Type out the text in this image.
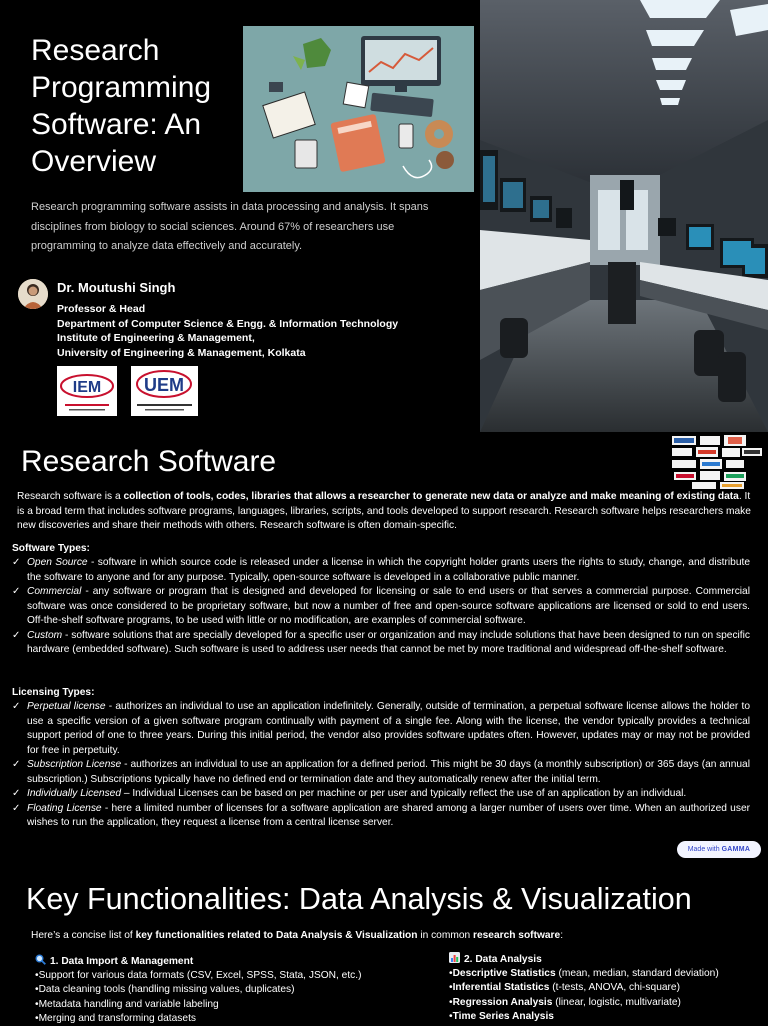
Research Programming Software: An Overview

Research programming software assists in data processing and analysis. It spans disciplines from biology to social sciences. Around 67% of researchers use programming to analyze data effectively and accurately.

Dr. Moutushi Singh
Professor & Head
Department of Computer Science & Engg. & Information Technology
Institute of Engineering & Management,
University of Engineering & Management, Kolkata
IEM UEM
Research Software

Research software is a collection of tools, codes, libraries that allows a researcher to generate new data or analyze and make meaning of existing data. It is a broad term that includes software programs, languages, libraries, scripts, and tools developed to support research. Research software helps researchers make new discoveries and share their methods with others. Research software is often domain-specific.

Software Types:

✓ Open Source - software in which source code is released under a license in which the copyright holder grants users the rights to study, change, and distribute the software to anyone and for any purpose. Typically, open-source software is developed in a collaborative public manner.
✓ Commercial - any software or program that is designed and developed for licensing or sale to end users or that serves a commercial purpose. Commercial software was once considered to be proprietary software, but now a number of free and open-source software applications are licensed or sold to end users. Off-the-shelf software programs, to be used with little or no modification, are examples of commercial software.
✓ Custom - software solutions that are specially developed for a specific user or organization and may include solutions that have been designed to run on specific hardware (embedded software). Such software is used to address user needs that cannot be met by more traditional and widespread off-the-shelf software.

Licensing Types:

✓ Perpetual license - authorizes an individual to use an application indefinitely. Generally, outside of termination, a perpetual software license allows the holder to use a specific version of a given software program continually with payment of a single fee. Along with the license, the vendor typically provides a technical support period of one to three years. During this initial period, the vendor also provides software updates often. However, updates may or may not be provided for free in perpetuity.
✓ Subscription License - authorizes an individual to use an application for a defined period. This might be 30 days (a monthly subscription) or 365 days (an annual subscription.) Subscriptions typically have no defined end or termination date and they automatically renew after the initial term.
✓ Individually Licensed – Individual Licenses can be based on per machine or per user and typically reflect the use of an application by an individual.
✓ Floating License - here a limited number of licenses for a software application are shared among a larger number of users over time. When an authorized user wishes to run the application, they request a license from a central license server.
Made with GAMMA
Key Functionalities: Data Analysis & Visualization

Here’s a concise list of key functionalities related to Data Analysis & Visualization in common research software:

1. Data Import & Management

•Support for various data formats (CSV, Excel, SPSS, Stata, JSON, etc.)

•Data cleaning tools (handling missing values, duplicates)

•Metadata handling and variable labeling

•Merging and transforming datasets

2. Data Analysis

•Descriptive Statistics (mean, median, standard deviation)

•Inferential Statistics (t-tests, ANOVA, chi-square)

•Regression Analysis (linear, logistic, multivariate)

•Time Series Analysis
